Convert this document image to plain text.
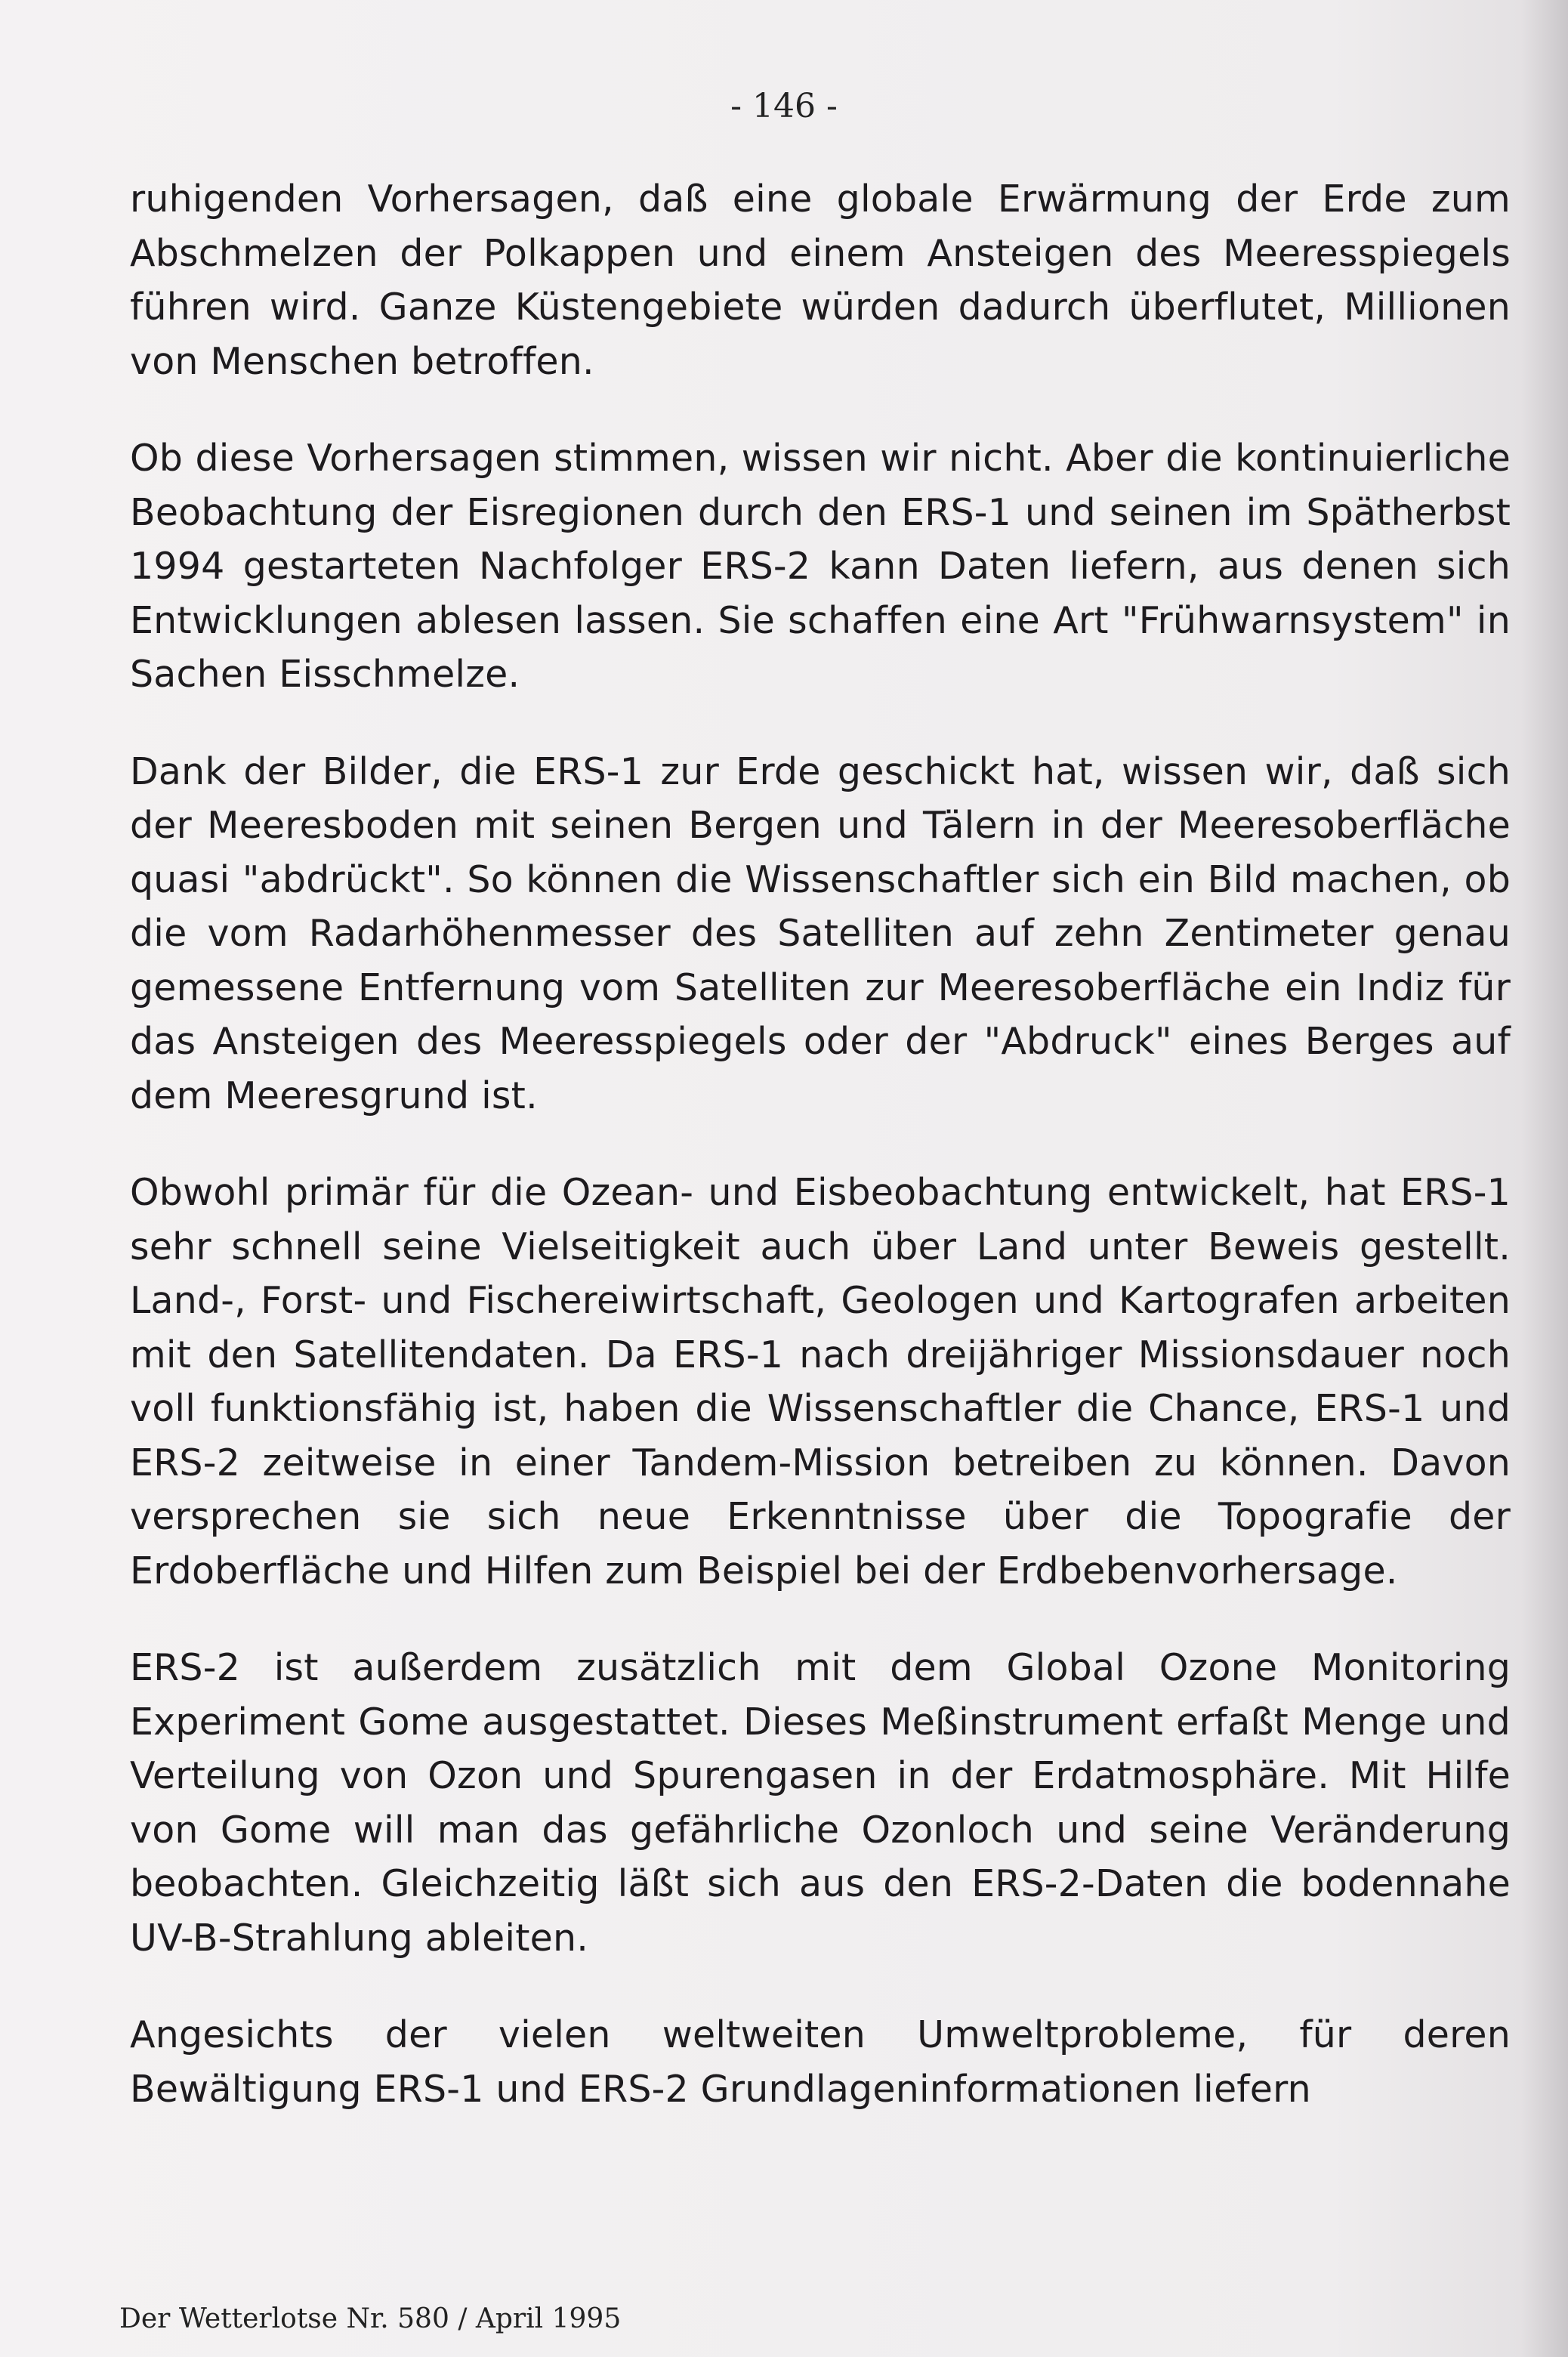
- 146 -

ruhigenden Vorhersagen, daß eine globale Erwärmung der Erde zum Abschmelzen der Polkappen und einem Ansteigen des Meeresspiegels führen wird. Ganze Küstengebiete würden dadurch überflutet, Millionen von Menschen betroffen.

Ob diese Vorhersagen stimmen, wissen wir nicht. Aber die kontinuierliche Beobachtung der Eisregionen durch den ERS-1 und seinen im Spätherbst 1994 gestarteten Nachfolger ERS-2 kann Daten liefern, aus denen sich Entwicklungen ablesen lassen. Sie schaffen eine Art "Frühwarnsystem" in Sachen Eisschmelze.

Dank der Bilder, die ERS-1 zur Erde geschickt hat, wissen wir, daß sich der Meeresboden mit seinen Bergen und Tälern in der Meeresoberfläche quasi "abdrückt". So können die Wissenschaftler sich ein Bild machen, ob die vom Radarhöhenmesser des Satelliten auf zehn Zentimeter genau gemessene Entfernung vom Satelliten zur Meeresoberfläche ein Indiz für das Ansteigen des Meeresspiegels oder der "Abdruck" eines Berges auf dem Meeresgrund ist.

Obwohl primär für die Ozean- und Eisbeobachtung entwickelt, hat ERS-1 sehr schnell seine Vielseitigkeit auch über Land unter Beweis gestellt. Land-, Forst- und Fischereiwirtschaft, Geologen und Kartografen arbeiten mit den Satellitendaten. Da ERS-1 nach dreijähriger Missionsdauer noch voll funktionsfähig ist, haben die Wissenschaftler die Chance, ERS-1 und ERS-2 zeitweise in einer Tandem-Mission betreiben zu können. Davon versprechen sie sich neue Erkenntnisse über die Topografie der Erdoberfläche und Hilfen zum Beispiel bei der Erdbebenvorhersage.

ERS-2 ist außerdem zusätzlich mit dem Global Ozone Monitoring Experiment Gome ausgestattet. Dieses Meßinstrument erfaßt Menge und Verteilung von Ozon und Spurengasen in der Erdatmosphäre. Mit Hilfe von Gome will man das gefährliche Ozonloch und seine Veränderung beobachten. Gleichzeitig läßt sich aus den ERS-2-Daten die bodennahe UV-B-Strahlung ableiten.

Angesichts der vielen weltweiten Umweltprobleme, für deren Bewältigung ERS-1 und ERS-2 Grundlageninformationen liefern

Der Wetterlotse Nr. 580 / April 1995
